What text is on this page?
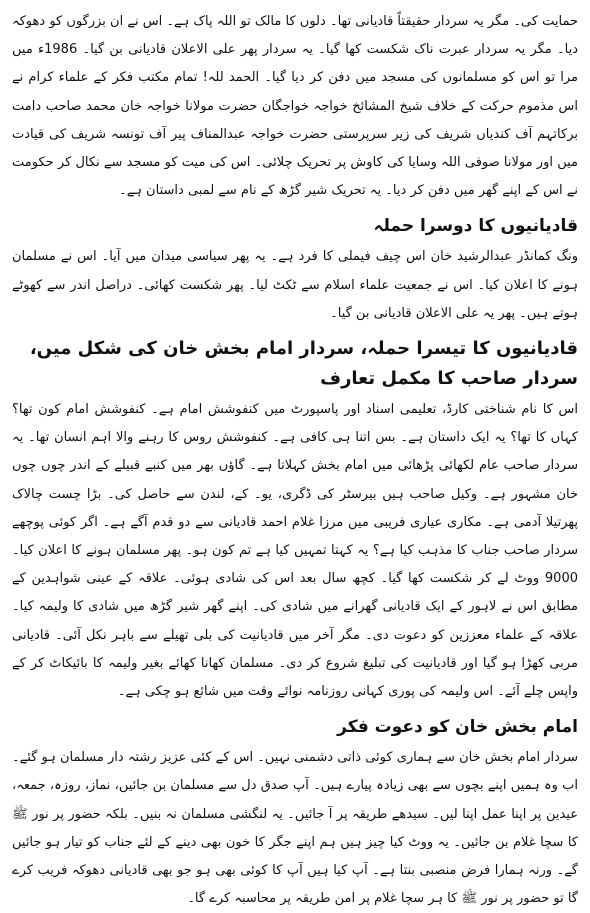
حمایت کی۔ مگر یہ سردار حقیقتاً قادیانی تھا۔ دلوں کا مالک تو اللہ پاک ہے۔ اس نے ان بزرگوں کو دھوکہ دیا۔ مگر یہ سردار عبرت ناک شکست کھا گیا۔ یہ سردار پھر علی الاعلان قادیانی بن گیا۔ 1986ء میں مرا تو اس کو مسلمانوں کی مسجد میں دفن کر دیا گیا۔ الحمد للہ! تمام مکتب فکر کے علماء کرام نے اس مذموم حرکت کے خلاف شیخ المشائخ خواجہ خواجگان حضرت مولانا خواجہ خان محمد صاحب دامت برکاتہم آف کندیاں شریف کی زیر سرپرستی حضرت خواجہ عبدالمناف پیر آف تونسہ شریف کی قیادت میں اور مولانا صوفی اللہ وسایا کی کاوش پر تحریک چلائی۔ اس کی میت کو مسجد سے نکال کر حکومت نے اس کے اپنے گھر میں دفن کر دیا۔ یہ تحریک شیر گڑھ کے نام سے لمبی داستان ہے۔

قادیانیوں کا دوسرا حملہ

ونگ کمانڈر عبدالرشید خان اس چیف فیملی کا فرد ہے۔ یہ پھر سیاسی میدان میں آیا۔ اس نے مسلمان ہونے کا اعلان کیا۔ اس نے جمعیت علماء اسلام سے ٹکٹ لیا۔ پھر شکست کھائی۔ دراصل اندر سے کھوٹے ہوتے ہیں۔ پھر یہ علی الاعلان قادیانی بن گیا۔

قادیانیوں کا تیسرا حملہ، سردار امام بخش خان کی شکل میں، سردار صاحب کا مکمل تعارف

اس کا نام شناختی کارڈ، تعلیمی اسناد اور پاسپورٹ میں کنفوشش امام ہے۔ کنفوشش امام کون تھا؟ کہاں کا تھا؟ یہ ایک داستان ہے۔ بس اتنا ہی کافی ہے۔ کنفوشش روس کا رہنے والا اہم انسان تھا۔ یہ سردار صاحب عام لکھائی پڑھائی میں امام بخش کہلاتا ہے۔ گاؤں بھر میں کنبے قبیلے کے اندر چوں چوں خان مشہور ہے۔ وکیل صاحب ہیں بیرسٹر کی ڈگری، یو۔ کے، لندن سے حاصل کی۔ بڑا چست چالاک پھرتیلا آدمی ہے۔ مکاری عیاری فریبی میں مرزا غلام احمد قادیانی سے دو قدم آگے ہے۔ اگر کوئی پوچھے سردار صاحب جناب کا مذہب کیا ہے؟ یہ کہتا تمہیں کیا ہے تم کون ہو۔ پھر مسلمان ہونے کا اعلان کیا۔ 9000 ووٹ لے کر شکست کھا گیا۔ کچھ سال بعد اس کی شادی ہوئی۔ علاقہ کے عینی شواہدین کے مطابق اس نے لاہور کے ایک قادیانی گھرانے میں شادی کی۔ اپنے گھر شیر گڑھ میں شادی کا ولیمہ کیا۔ علاقہ کے علماء معززین کو دعوت دی۔ مگر آخر میں قادیانیت کی بلی تھیلے سے باہر نکل آئی۔ قادیانی مربی کھڑا ہو گیا اور قادیانیت کی تبلیغ شروع کر دی۔ مسلمان کھانا کھائے بغیر ولیمہ کا بائیکاٹ کر کے واپس چلے آئے۔ اس ولیمہ کی پوری کہانی روزنامہ نوائے وقت میں شائع ہو چکی ہے۔

امام بخش خان کو دعوت فکر

سردار امام بخش خان سے ہماری کوئی ذاتی دشمنی نہیں۔ اس کے کئی عزیز رشتہ دار مسلمان ہو گئے۔ اب وہ ہمیں اپنے بچوں سے بھی زیادہ پیارے ہیں۔ آپ صدق دل سے مسلمان بن جائیں، نماز، روزہ، جمعہ، عیدین پر اپنا عمل اپنا لیں۔ سیدھے طریقہ پر آ جائیں۔ یہ لنگشی مسلمان نہ بنیں۔ بلکہ حضور پر نور ﷺ کا سچا غلام بن جائیں۔ یہ ووٹ کیا چیز ہیں ہم اپنے جگر کا خون بھی دینے کے لئے جناب کو تیار ہو جائیں گے۔ ورنہ ہمارا فرض منصبی بنتا ہے۔ آپ کیا ہیں آپ کا کوئی بھی ہو جو بھی قادیانی دھوکہ فریب کرے گا تو حضور پر نور ﷺ کا ہر سچا غلام پر امن طریقہ پر محاسبہ کرے گا۔
